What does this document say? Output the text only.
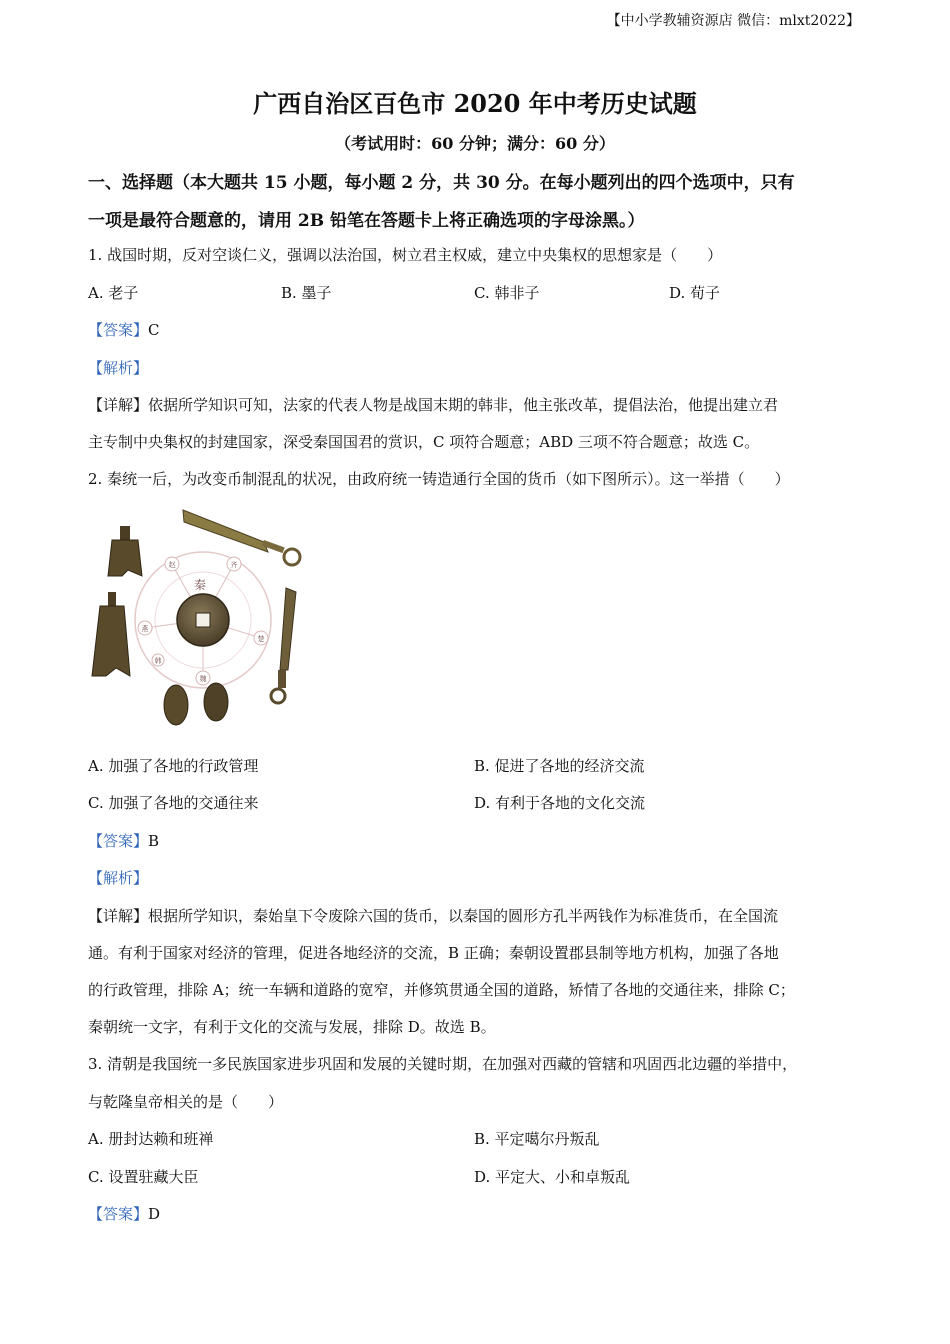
【中小学教辅资源店 微信：mlxt2022】
广西自治区百色市 2020 年中考历史试题
（考试用时：60 分钟；满分：60 分）
一、选择题（本大题共 15 小题，每小题 2 分，共 30 分。在每小题列出的四个选项中，只有
一项是最符合题意的，请用 2B 铅笔在答题卡上将正确选项的字母涂黑。）
1. 战国时期，反对空谈仁义，强调以法治国，树立君主权威，建立中央集权的思想家是（　　）
A. 老子	B. 墨子	C. 韩非子	D. 荀子
【答案】C
【解析】
【详解】依据所学知识可知，法家的代表人物是战国末期的韩非，他主张改革，提倡法治，他提出建立君
主专制中央集权的封建国家，深受秦国国君的赏识，C 项符合题意；ABD 三项不符合题意；故选 C。
2. 秦统一后，为改变币制混乱的状况，由政府统一铸造通行全国的货币（如下图所示）。这一举措（　　）
赵	齐
燕
楚
魏
韩
秦
A. 加强了各地的行政管理	B. 促进了各地的经济交流
C. 加强了各地的交通往来	D. 有利于各地的文化交流
【答案】B
【解析】
【详解】根据所学知识，秦始皇下令废除六国的货币，以秦国的圆形方孔半两钱作为标准货币，在全国流
通。有利于国家对经济的管理，促进各地经济的交流，B 正确；秦朝设置郡县制等地方机构，加强了各地
的行政管理，排除 A；统一车辆和道路的宽窄，并修筑贯通全国的道路，矫情了各地的交通往来，排除 C；
秦朝统一文字，有利于文化的交流与发展，排除 D。故选 B。
3. 清朝是我国统一多民族国家进步巩固和发展的关键时期，在加强对西藏的管辖和巩固西北边疆的举措中，
与乾隆皇帝相关的是（　　）
A. 册封达赖和班禅	B. 平定噶尔丹叛乱
C. 设置驻藏大臣	D. 平定大、小和卓叛乱
【答案】D
